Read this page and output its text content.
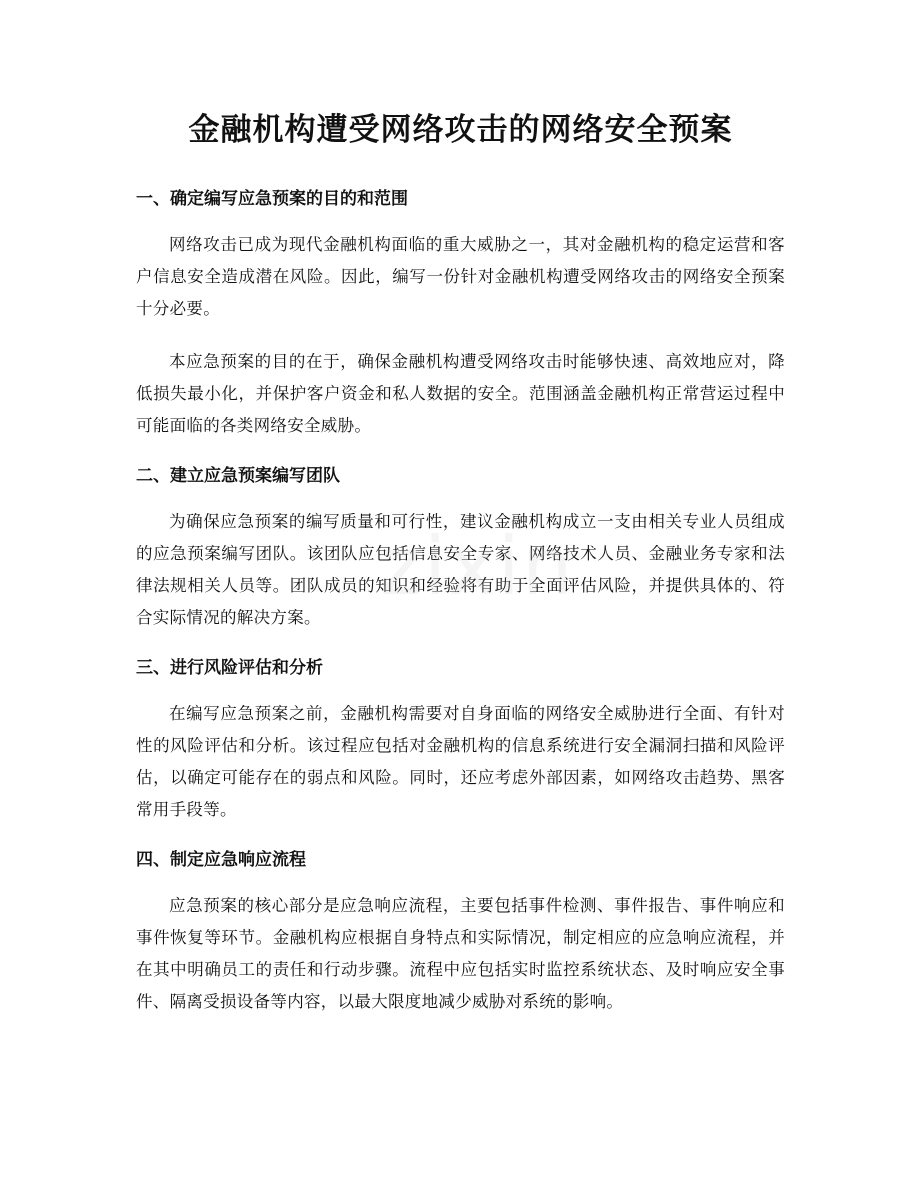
金融机构遭受网络攻击的网络安全预案
一、确定编写应急预案的目的和范围

网络攻击已成为现代金融机构面临的重大威胁之一，其对金融机构的稳定运营和客户信息安全造成潜在风险。因此，编写一份针对金融机构遭受网络攻击的网络安全预案十分必要。

本应急预案的目的在于，确保金融机构遭受网络攻击时能够快速、高效地应对，降低损失最小化，并保护客户资金和私人数据的安全。范围涵盖金融机构正常营运过程中可能面临的各类网络安全威胁。

二、建立应急预案编写团队

为确保应急预案的编写质量和可行性，建议金融机构成立一支由相关专业人员组成的应急预案编写团队。该团队应包括信息安全专家、网络技术人员、金融业务专家和法律法规相关人员等。团队成员的知识和经验将有助于全面评估风险，并提供具体的、符合实际情况的解决方案。

三、进行风险评估和分析

在编写应急预案之前，金融机构需要对自身面临的网络安全威胁进行全面、有针对性的风险评估和分析。该过程应包括对金融机构的信息系统进行安全漏洞扫描和风险评估，以确定可能存在的弱点和风险。同时，还应考虑外部因素，如网络攻击趋势、黑客常用手段等。

四、制定应急响应流程

应急预案的核心部分是应急响应流程，主要包括事件检测、事件报告、事件响应和事件恢复等环节。金融机构应根据自身特点和实际情况，制定相应的应急响应流程，并在其中明确员工的责任和行动步骤。流程中应包括实时监控系统状态、及时响应安全事件、隔离受损设备等内容，以最大限度地减少威胁对系统的影响。

zixin
